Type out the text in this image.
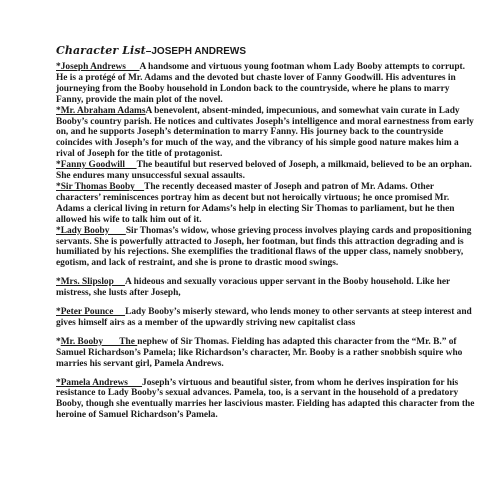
Character List–JOSEPH ANDREWS

*Joseph Andrews      A handsome and virtuous young footman whom Lady Booby attempts to corrupt. He is a protégé of Mr. Adams and the devoted but chaste lover of Fanny Goodwill. His adventures in journeying from the Booby household in London back to the countryside, where he plans to marry Fanny, provide the main plot of the novel.

*Mr. Abraham AdamsA benevolent, absent-minded, impecunious, and somewhat vain curate in Lady Booby’s country parish. He notices and cultivates Joseph’s intelligence and moral earnestness from early on, and he supports Joseph’s determination to marry Fanny. His journey back to the countryside coincides with Joseph’s for much of the way, and the vibrancy of his simple good nature makes him a rival of Joseph for the title of protagonist.

*Fanny Goodwill     The beautiful but reserved beloved of Joseph, a milkmaid, believed to be an orphan. She endures many unsuccessful sexual assaults.

*Sir Thomas Booby    The recently deceased master of Joseph and patron of Mr. Adams. Other characters’ reminiscences portray him as decent but not heroically virtuous; he once promised Mr. Adams a clerical living in return for Adams’s help in electing Sir Thomas to parliament, but he then allowed his wife to talk him out of it.

*Lady Booby       Sir Thomas’s widow, whose grieving process involves playing cards and propositioning servants. She is powerfully attracted to Joseph, her footman, but finds this attraction degrading and is humiliated by his rejections. She exemplifies the traditional flaws of the upper class, namely snobbery, egotism, and lack of restraint, and she is prone to drastic mood swings.

*Mrs. Slipslop     A hideous and sexually voracious upper servant in the Booby household. Like her mistress, she lusts after Joseph,

*Peter Pounce     Lady Booby’s miserly steward, who lends money to other servants at steep interest and gives himself airs as a member of the upwardly striving new capitalist class

*Mr. Booby       The nephew of Sir Thomas. Fielding has adapted this character from the “Mr. B.” of Samuel Richardson’s Pamela; like Richardson’s character, Mr. Booby is a rather snobbish squire who marries his servant girl, Pamela Andrews.

*Pamela Andrews      Joseph’s virtuous and beautiful sister, from whom he derives inspiration for his resistance to Lady Booby’s sexual advances. Pamela, too, is a servant in the household of a predatory Booby, though she eventually marries her lascivious master. Fielding has adapted this character from the heroine of Samuel Richardson’s Pamela.
